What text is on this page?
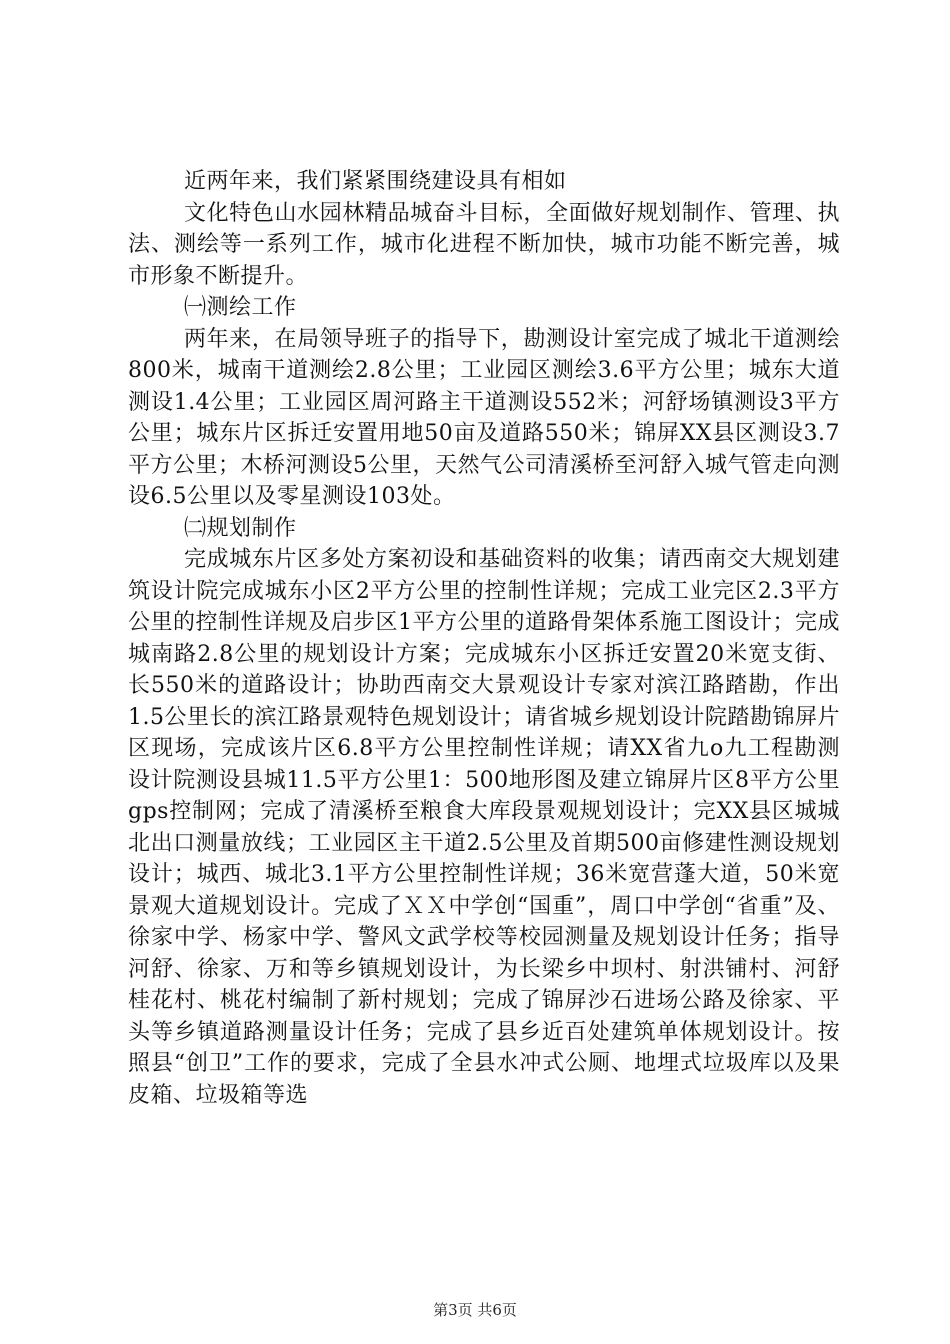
近两年来，我们紧紧围绕建设具有相如

文化特色山水园林精品城奋斗目标，全面做好规划制作、管理、执法、测绘等一系列工作，城市化进程不断加快，城市功能不断完善，城市形象不断提升。

㈠测绘工作

两年来，在局领导班子的指导下，勘测设计室完成了城北干道测绘800米，城南干道测绘2.8公里；工业园区测绘3.6平方公里；城东大道测设1.4公里；工业园区周河路主干道测设552米；河舒场镇测设3平方公里；城东片区拆迁安置用地50亩及道路550米；锦屏XX县区测设3.7平方公里；木桥河测设5公里，天然气公司清溪桥至河舒入城气管走向测设6.5公里以及零星测设103处。

㈡规划制作

完成城东片区多处方案初设和基础资料的收集；请西南交大规划建筑设计院完成城东小区2平方公里的控制性详规；完成工业完区2.3平方公里的控制性详规及启步区1平方公里的道路骨架体系施工图设计；完成城南路2.8公里的规划设计方案；完成城东小区拆迁安置20米宽支街、长550米的道路设计；协助西南交大景观设计专家对滨江路踏勘，作出1.5公里长的滨江路景观特色规划设计；请省城乡规划设计院踏勘锦屏片区现场，完成该片区6.8平方公里控制性详规；请XX省九o九工程勘测设计院测设县城11.5平方公里1：500地形图及建立锦屏片区8平方公里gps控制网；完成了清溪桥至粮食大库段景观规划设计；完XX县区城城北出口测量放线；工业园区主干道2.5公里及首期500亩修建性测设规划设计；城西、城北3.1平方公里控制性详规；36米宽营蓬大道，50米宽景观大道规划设计。完成了ＸＸ中学创“国重”，周口中学创“省重”及、徐家中学、杨家中学、警风文武学校等校园测量及规划设计任务；指导河舒、徐家、万和等乡镇规划设计，为长梁乡中坝村、射洪铺村、河舒桂花村、桃花村编制了新村规划；完成了锦屏沙石进场公路及徐家、平头等乡镇道路测量设计任务；完成了县乡近百处建筑单体规划设计。按照县“创卫”工作的要求，完成了全县水冲式公厕、地埋式垃圾库以及果皮箱、垃圾箱等选

第3页 共6页
